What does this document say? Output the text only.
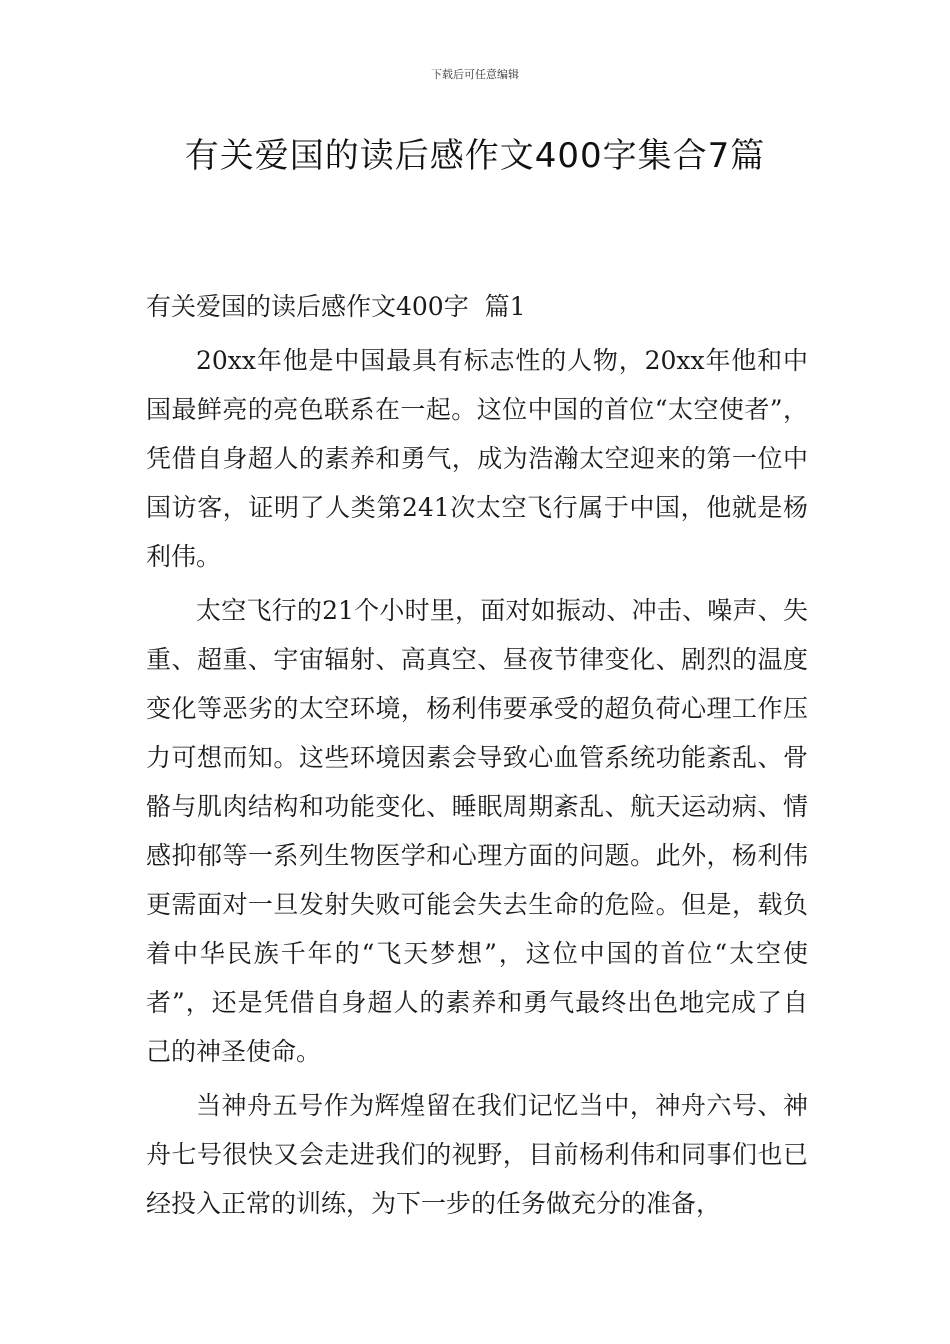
下载后可任意编辑
有关爱国的读后感作文400字集合7篇
有关爱国的读后感作文400字  篇1

20xx年他是中国最具有标志性的人物，20xx年他和中国最鲜亮的亮色联系在一起。这位中国的首位“太空使者”，凭借自身超人的素养和勇气，成为浩瀚太空迎来的第一位中国访客，证明了人类第241次太空飞行属于中国，他就是杨利伟。

太空飞行的21个小时里，面对如振动、冲击、噪声、失重、超重、宇宙辐射、高真空、昼夜节律变化、剧烈的温度变化等恶劣的太空环境，杨利伟要承受的超负荷心理工作压力可想而知。这些环境因素会导致心血管系统功能紊乱、骨骼与肌肉结构和功能变化、睡眠周期紊乱、航天运动病、情感抑郁等一系列生物医学和心理方面的问题。此外，杨利伟更需面对一旦发射失败可能会失去生命的危险。但是，载负着中华民族千年的“飞天梦想”，这位中国的首位“太空使者”，还是凭借自身超人的素养和勇气最终出色地完成了自己的神圣使命。

当神舟五号作为辉煌留在我们记忆当中，神舟六号、神舟七号很快又会走进我们的视野，目前杨利伟和同事们也已经投入正常的训练，为下一步的任务做充分的准备，
